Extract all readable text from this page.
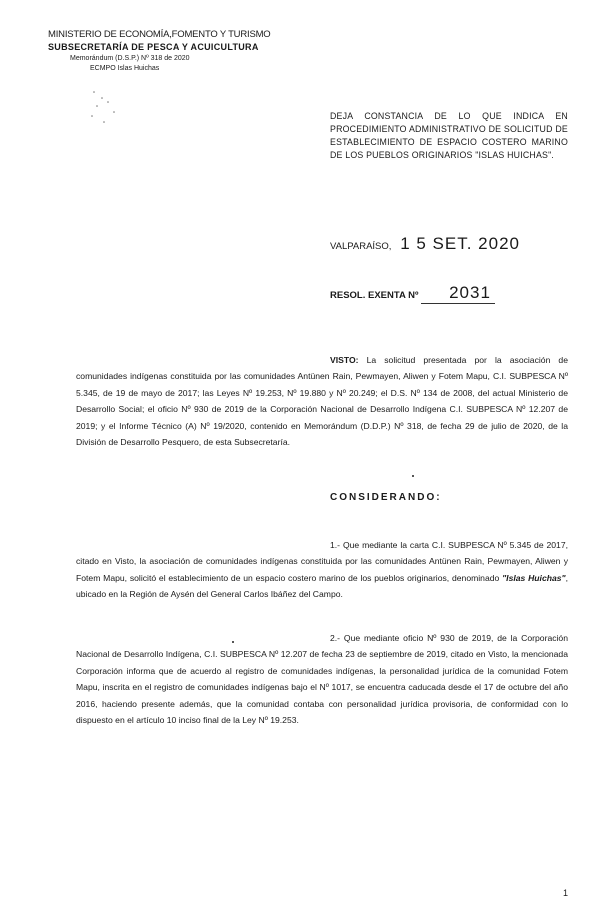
MINISTERIO DE ECONOMÍA,FOMENTO Y TURISMO
SUBSECRETARÍA DE PESCA Y ACUICULTURA
Memorándum (D.S.P.) Nº 318 de 2020
ECMPO Islas Huichas
DEJA CONSTANCIA DE LO QUE INDICA EN PROCEDIMIENTO ADMINISTRATIVO DE SOLICITUD DE ESTABLECIMIENTO DE ESPACIO COSTERO MARINO DE LOS PUEBLOS ORIGINARIOS "ISLAS HUICHAS".
VALPARAÍSO, 1 5 SET. 2020
RESOL. EXENTA Nº 2031
VISTO: La solicitud presentada por la asociación de comunidades indígenas constituida por las comunidades Antünen Rain, Pewmayen, Aliwen y Fotem Mapu, C.I. SUBPESCA Nº 5.345, de 19 de mayo de 2017; las Leyes Nº 19.253, Nº 19.880 y Nº 20.249; el D.S. Nº 134 de 2008, del actual Ministerio de Desarrollo Social; el oficio Nº 930 de 2019 de la Corporación Nacional de Desarrollo Indígena C.I. SUBPESCA Nº 12.207 de 2019; y el Informe Técnico (A) Nº 19/2020, contenido en Memorándum (D.D.P.) Nº 318, de fecha 29 de julio de 2020, de la División de Desarrollo Pesquero, de esta Subsecretaría.
CONSIDERANDO:
1.- Que mediante la carta C.I. SUBPESCA Nº 5.345 de 2017, citado en Visto, la asociación de comunidades indígenas constituida por las comunidades Antünen Rain, Pewmayen, Aliwen y Fotem Mapu, solicitó el establecimiento de un espacio costero marino de los pueblos originarios, denominado "Islas Huichas", ubicado en la Región de Aysén del General Carlos Ibáñez del Campo.
2.- Que mediante oficio Nº 930 de 2019, de la Corporación Nacional de Desarrollo Indígena, C.I. SUBPESCA Nº 12.207 de fecha 23 de septiembre de 2019, citado en Visto, la mencionada Corporación informa que de acuerdo al registro de comunidades indígenas, la personalidad jurídica de la comunidad Fotem Mapu, inscrita en el registro de comunidades indígenas bajo el Nº 1017, se encuentra caducada desde el 17 de octubre del año 2016, haciendo presente además, que la comunidad contaba con personalidad jurídica provisoria, de conformidad con lo dispuesto en el artículo 10 inciso final de la Ley Nº 19.253.
1
